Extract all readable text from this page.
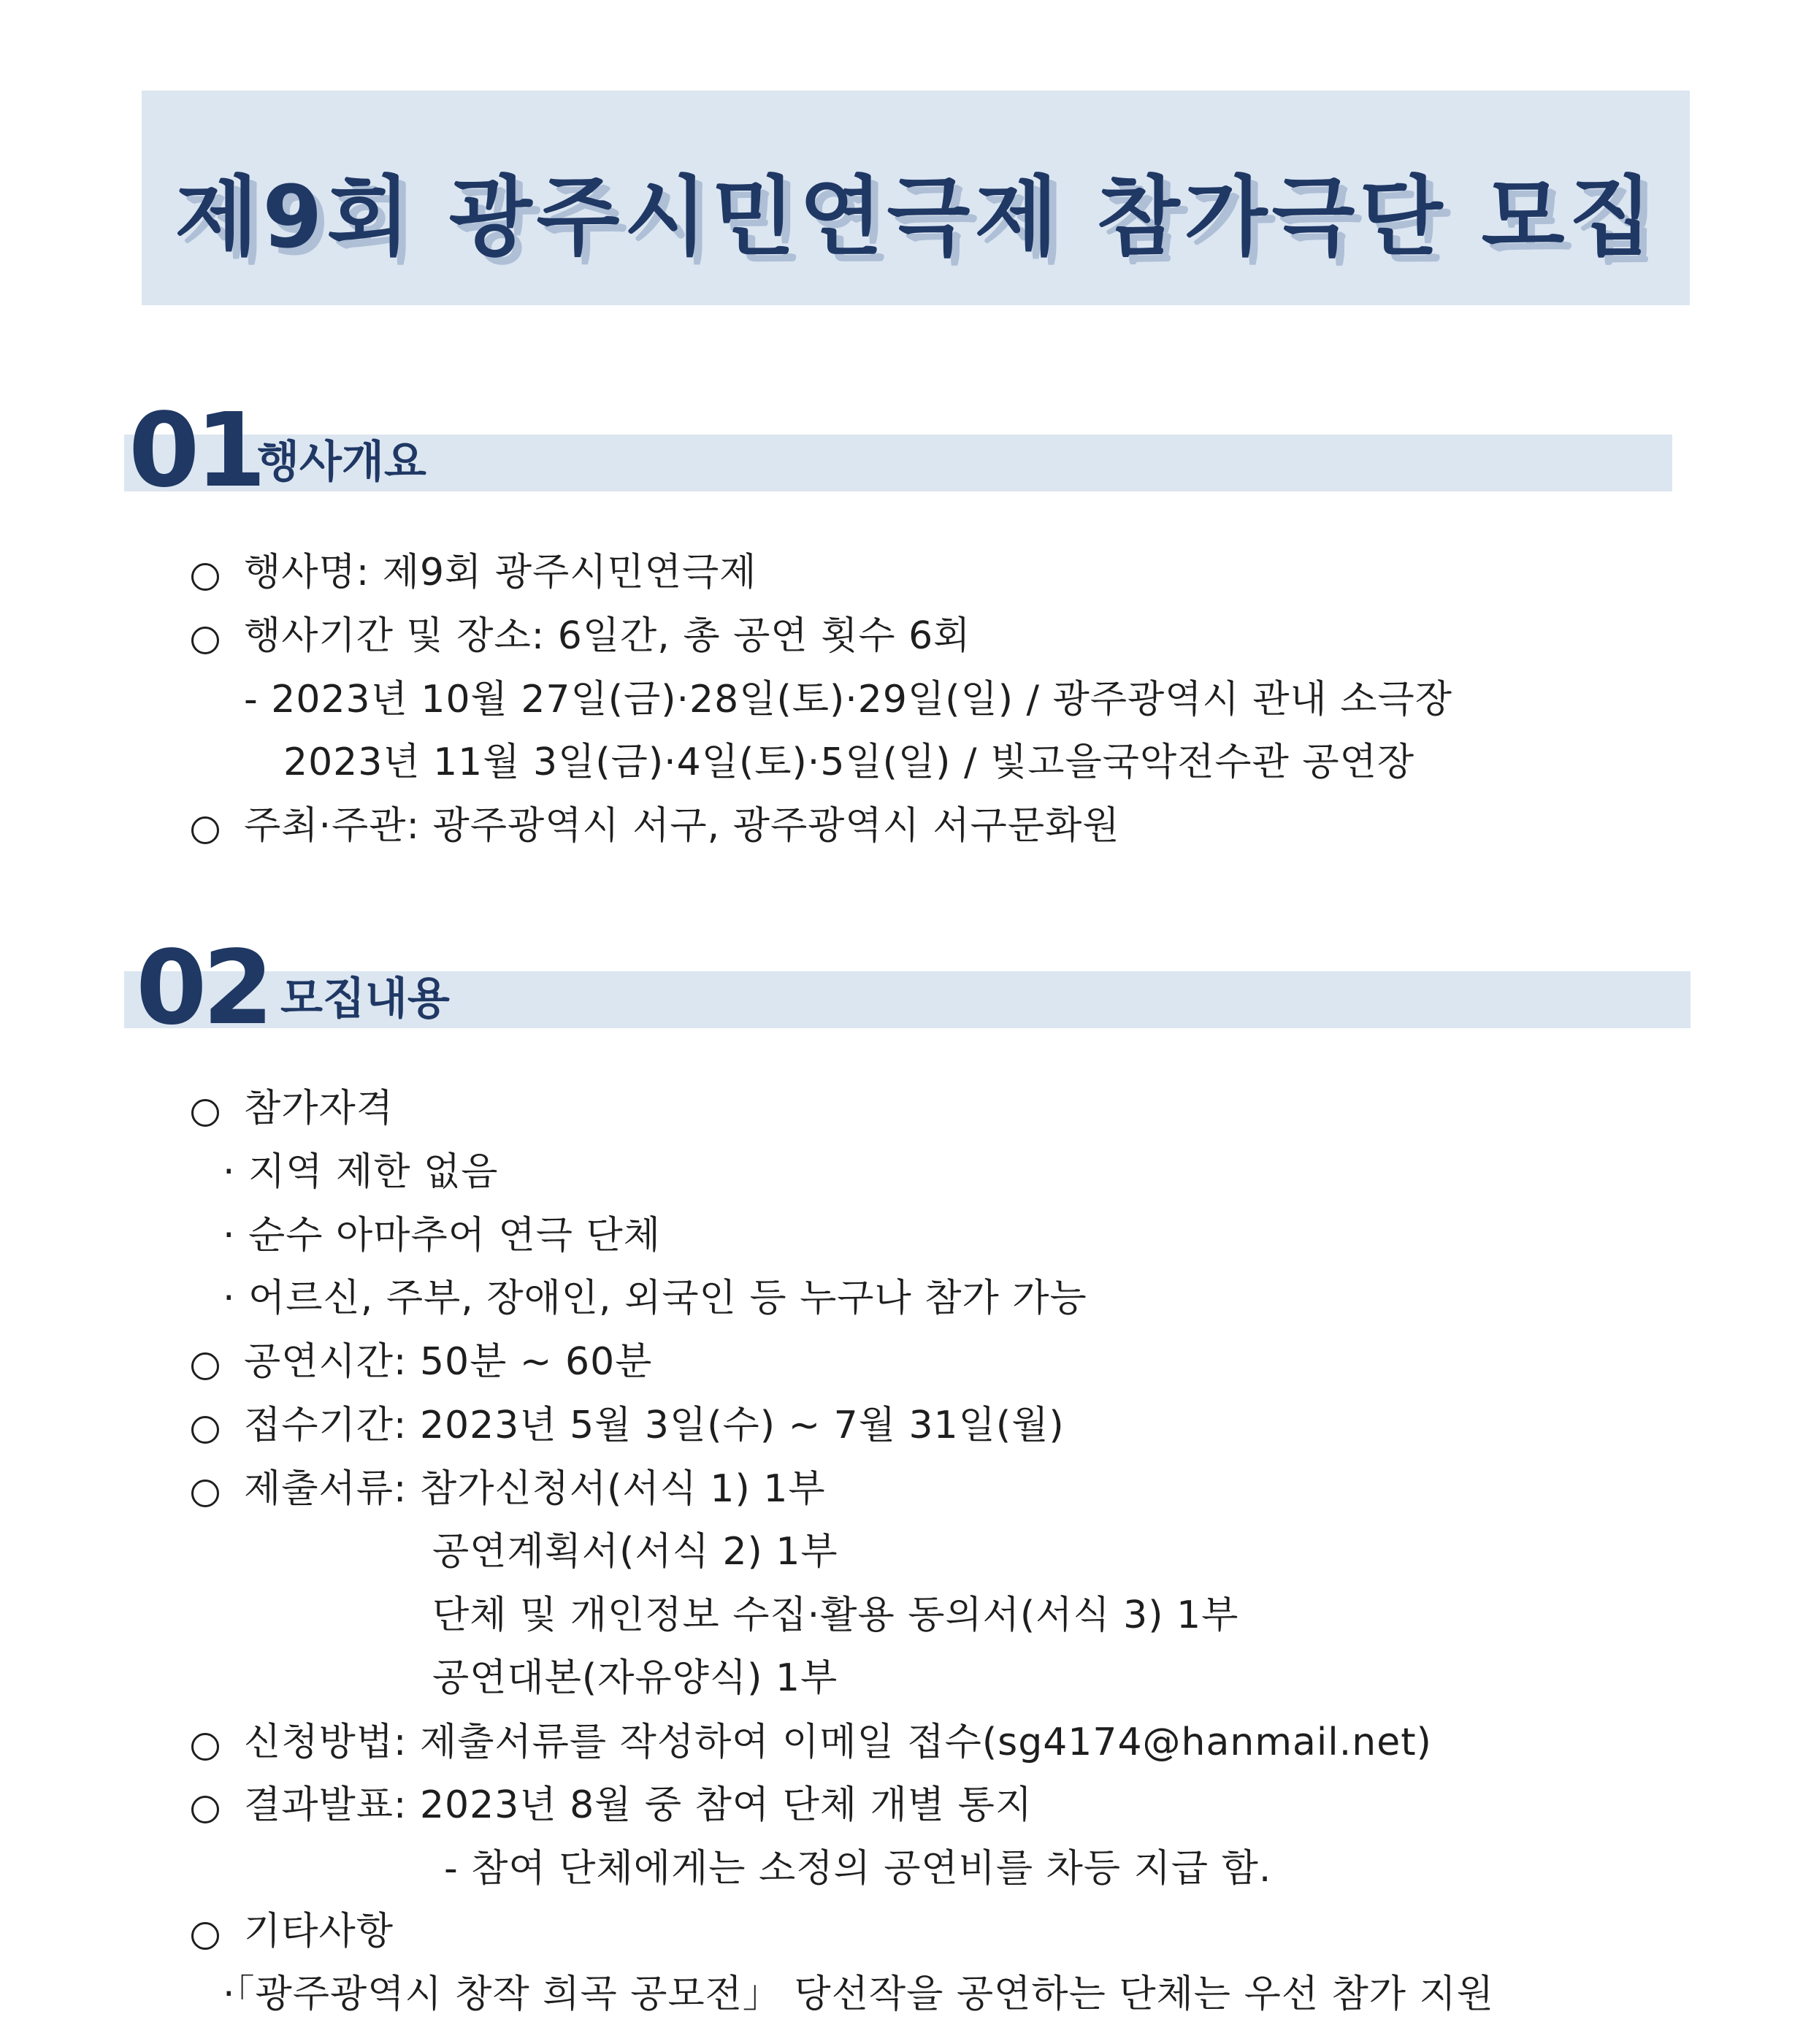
제9회 광주시민연극제 참가극단 모집
01
행사개요
행사명: 제9회 광주시민연극제
행사기간 및 장소: 6일간, 총 공연 횟수 6회
- 2023년 10월 27일(금)·28일(토)·29일(일) / 광주광역시 관내 소극장
2023년 11월 3일(금)·4일(토)·5일(일) / 빛고을국악전수관 공연장
주최·주관: 광주광역시 서구, 광주광역시 서구문화원
02 모집내용
참가자격
· 지역 제한 없음
· 순수 아마추어 연극 단체
· 어르신, 주부, 장애인, 외국인 등 누구나 참가 가능
공연시간: 50분 ~ 60분
접수기간: 2023년 5월 3일(수) ~ 7월 31일(월)
제출서류: 참가신청서(서식 1) 1부
공연계획서(서식 2) 1부
단체 및 개인정보 수집·활용 동의서(서식 3) 1부
공연대본(자유양식) 1부
신청방법: 제출서류를 작성하여 이메일 접수(sg4174@hanmail.net)
결과발표: 2023년 8월 중 참여 단체 개별 통지
- 참여 단체에게는 소정의 공연비를 차등 지급 함.
기타사항
·「광주광역시 창작 희곡 공모전」 당선작을 공연하는 단체는 우선 참가 지원
